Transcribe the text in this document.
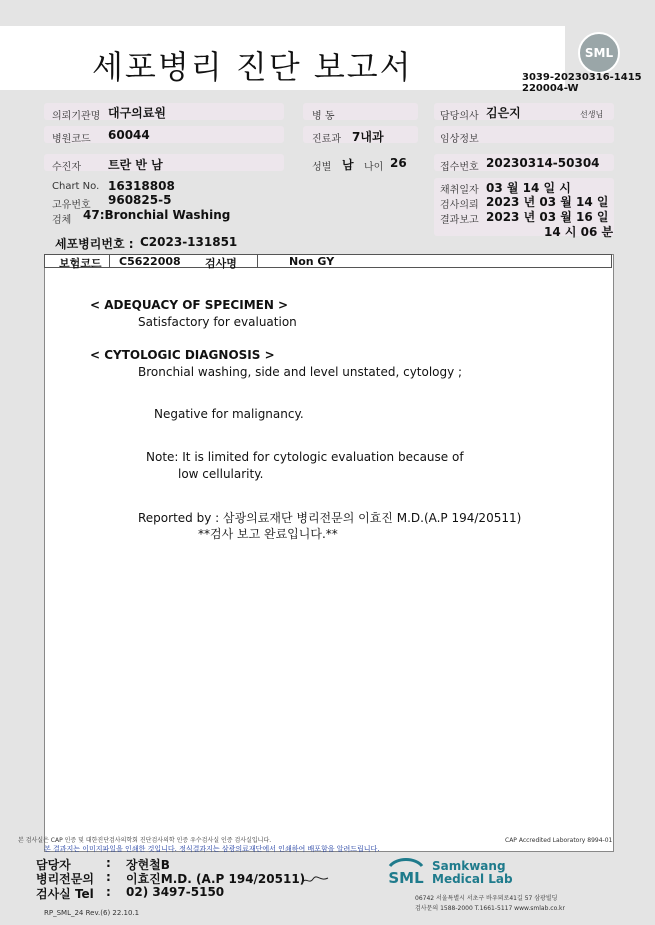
세포병리 진단 보고서	SML
3039-20230316-1415
220004-W
의뢰기관명 대구의료원	병 동	담당의사 김은지	선생님
병원코드 60044	진료과 7내과	임상정보
수진자 트란 반 남	성별 남 나이 26	접수번호 20230314-50304
Chart No. 16318808
고유번호 960825-5
검체 47:Bronchial Washing
채취일자 03 월 14 일 시
검사의뢰 2023 년 03 월 14 일
결과보고 2023 년 03 월 16 일
14 시 06 분
세포병리번호 : C2023-131851
보험코드 C5622008 검사명	Non GY
< ADEQUACY OF SPECIMEN >
Satisfactory for evaluation
< CYTOLOGIC DIAGNOSIS >
Bronchial washing, side and level unstated, cytology ;
Negative for malignancy.
Note: It is limited for cytologic evaluation because of
low cellularity.
Reported by : 삼광의료재단 병리전문의 이효진 M.D.(A.P 194/20511)
**검사 보고 완료입니다.**
본 검사실은 CAP 인증 및 대한진단검사의학회 진단검사의학 인증 우수검사실 인증 검사실입니다.	CAP Accredited Laboratory 8994-01
본 결과지는 이미지파일을 인쇄한 것입니다. 정식결과지는 삼광의료재단에서 인쇄하여 배포함을 알려드립니다.
담당자	: 장현철B
병리전문의 : 이효진M.D. (A.P 194/20511)
검사실 Tel : 02) 3497-5150
RP_SML_24 Rev.(6) 22.10.1
SML
Samkwang
Medical Lab
06742 서울특별시 서초구 바우뫼로41길 57 삼광빌딩
검사문의 1588-2000 T.1661-5117 www.smlab.co.kr
